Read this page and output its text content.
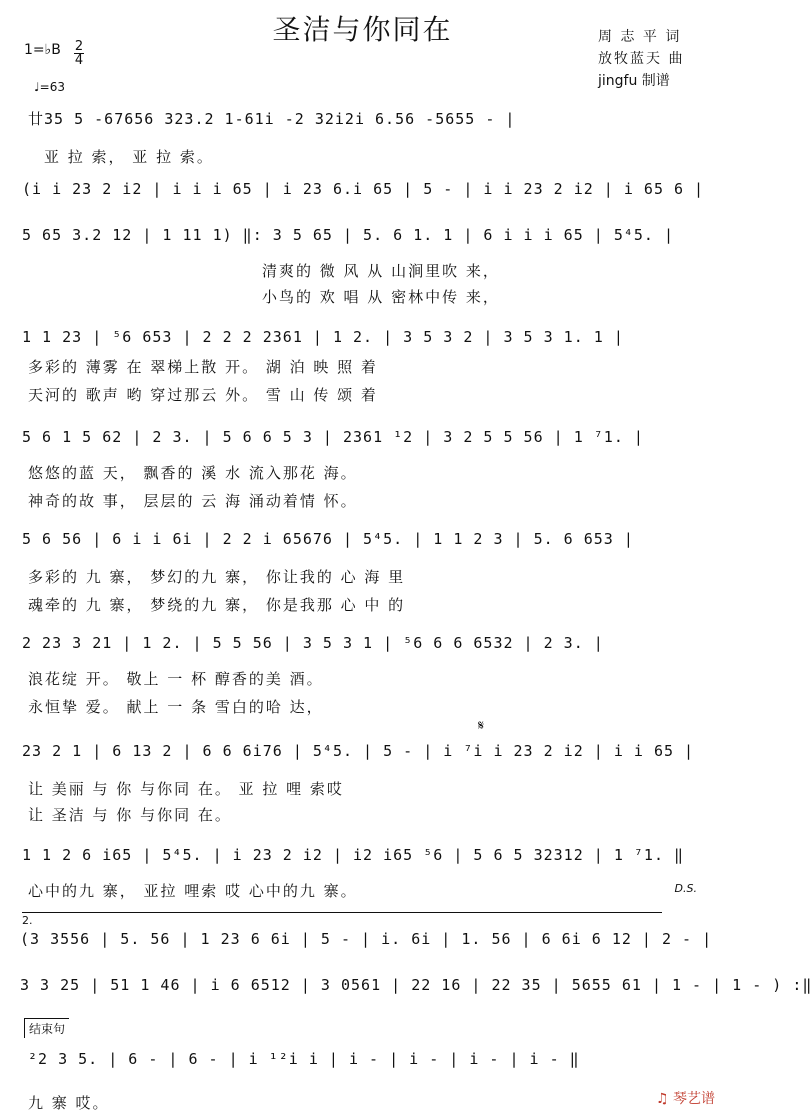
圣洁与你同在	周 志 平 词
放牧蓝天 曲
jingfu 制谱
1=♭B 2
4
♩=63
廿35 5 -67656 323.2 1-61i -2 32i2i 6.56 -5655 - |
亚 拉 索， 亚 拉 索。
(i i 23 2 i2 | i i i 65 | i 23 6.i 65 | 5 - | i i 23 2 i2 | i 65 6 |
5 65 3.2 12 | 1 11 1) ‖: 3 5 65 | 5. 6 1. 1 | 6 i i i 65 | 5⁴5. |
清爽的 微 风 从 山涧里吹 来，
小鸟的 欢 唱 从 密林中传 来，
1 1 23 | ⁵6 653 | 2 2 2 2361 | 1 2. | 3 5 3 2 | 3 5 3 1. 1 |
多彩的 薄雾 在 翠梯上散 开。 湖 泊 映 照 着
天河的 歌声 哟 穿过那云 外。 雪 山 传 颂 着
5 6 1 5 62 | 2 3. | 5 6 6 5 3 | 2361 ¹2 | 3 2 5 5 56 | 1 ⁷1. |
悠悠的蓝 天， 飘香的 溪 水 流入那花 海。
神奇的故 事， 层层的 云 海 涌动着情 怀。
5 6 56 | 6 i i 6i | 2 2 i 65676 | 5⁴5. | 1 1 2 3 | 5. 6 653 |
多彩的 九 寨， 梦幻的九 寨， 你让我的 心 海 里
魂牵的 九 寨， 梦绕的九 寨， 你是我那 心 中 的
2 23 3 21 | 1 2. | 5 5 56 | 3 5 3 1 | ⁵6 6 6 6532 | 2 3. |
浪花绽 开。 敬上 一 杯 醇香的美 酒。
永恒挚 爱。 献上 一 条 雪白的哈 达，
𝄋
23 2 1 | 6 13 2 | 6 6 6i76 | 5⁴5. | 5 - | i ⁷i i 23 2 i2 | i i 65 |
让 美丽 与 你 与你同 在。 亚 拉 哩 索哎
让 圣洁 与 你 与你同 在。
1 1 2 6 i65 | 5⁴5. | i 23 2 i2 | i2 i65 ⁵6 | 5 6 5 32312 | 1 ⁷1. ‖
心中的九 寨， 亚拉 哩索 哎 心中的九 寨。	D.S.
2.
(3 3556 | 5. 56 | 1 23 6 6i | 5 - | i. 6i | 1. 56 | 6 6i 6 12 | 2 - |
3 3 25 | 51 1 46 | i 6 6512 | 3 0561 | 22 16 | 22 35 | 5655 61 | 1 - | 1 - ) :‖
结束句
²2 3 5. | 6 - | 6 - | i ¹²i i | i - | i - | i - | i - ‖
九 寨 哎。	♫ 琴艺谱
